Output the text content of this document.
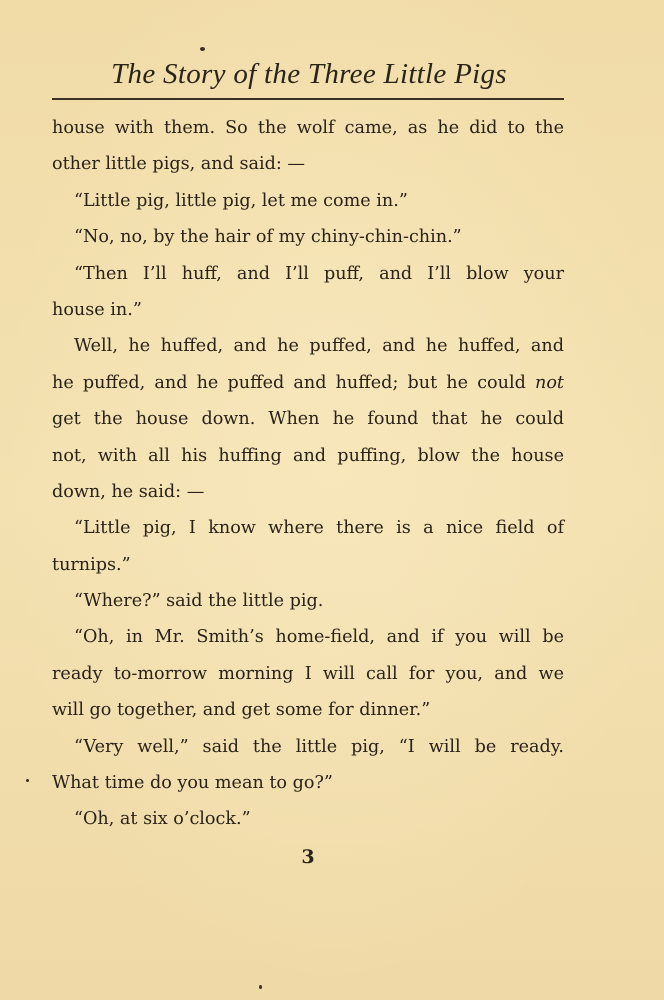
The Story of the Three Little Pigs
house with them. So the wolf came, as he did to the
other little pigs, and said: —
“Little pig, little pig, let me come in.”
“No, no, by the hair of my chiny-chin-chin.”
“Then I’ll huff, and I’ll puff, and I’ll blow your
house in.”
Well, he huffed, and he puffed, and he huffed, and
he puffed, and he puffed and huffed; but he could not
get the house down. When he found that he could
not, with all his huffing and puffing, blow the house
down, he said: —
“Little pig, I know where there is a nice field of
turnips.”
“Where?” said the little pig.
“Oh, in Mr. Smith’s home-field, and if you will be
ready to-morrow morning I will call for you, and we
will go together, and get some for dinner.”
“Very well,” said the little pig, “I will be ready.
What time do you mean to go?”
“Oh, at six o’clock.”
3
